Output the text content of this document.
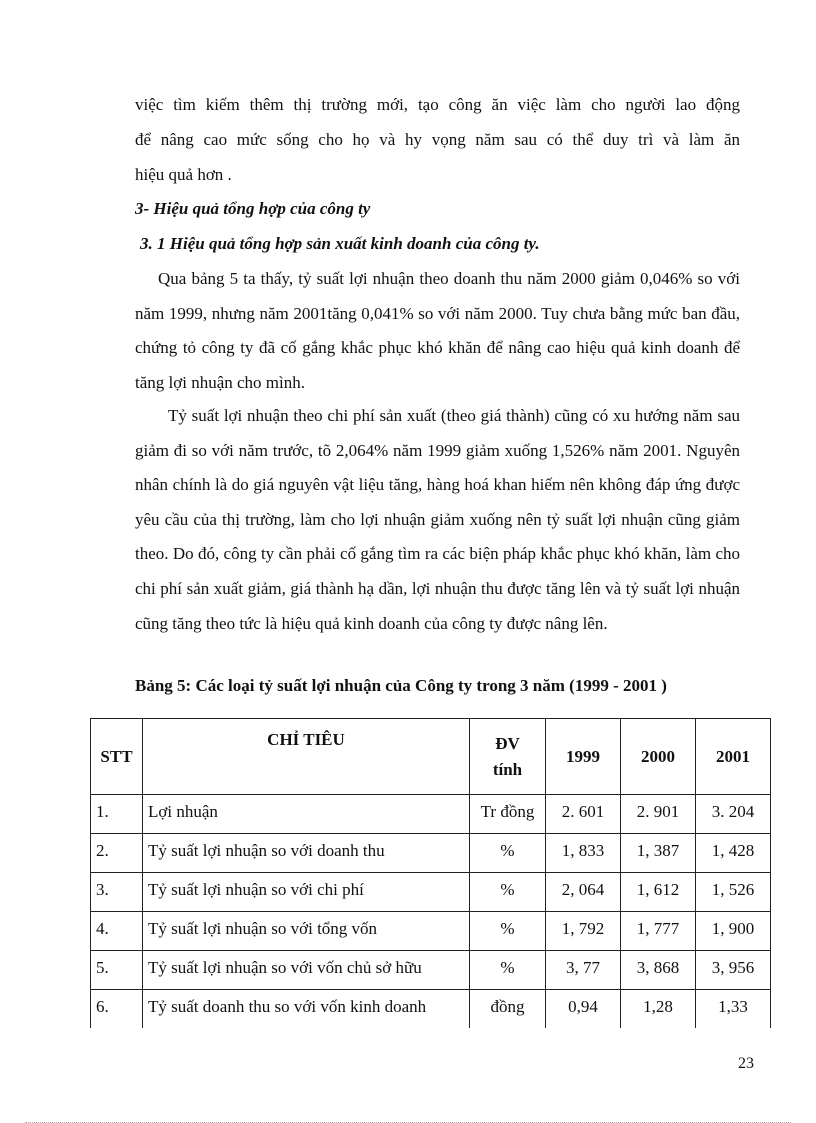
việc tìm kiếm thêm thị trường mới, tạo công ăn việc làm cho người lao động

để nâng cao mức sống cho họ và hy vọng năm sau có thể duy trì và làm ăn

hiệu quả hơn .

3- Hiệu quả tổng hợp của công ty

3. 1 Hiệu quả tổng hợp sản xuất kinh doanh của công ty.

Qua bảng 5 ta thấy, tỷ suất lợi nhuận theo doanh thu năm 2000 giảm 0,046% so với năm 1999, nhưng năm 2001tăng 0,041% so với năm 2000. Tuy chưa bằng mức ban đầu, chứng tỏ công ty đã cố gắng khắc phục khó khăn để nâng cao hiệu quả kinh doanh để tăng lợi nhuận cho mình.

Tỷ suất lợi nhuận theo chi phí sản xuất (theo giá thành) cũng có xu hướng năm sau giảm đi so với năm trước, tõ 2,064% năm 1999 giảm xuống 1,526% năm 2001. Nguyên nhân chính là do giá nguyên vật liệu tăng, hàng hoá khan hiếm nên không đáp ứng được yêu cầu của thị trường, làm cho lợi nhuận giảm xuống nên tỷ suất lợi nhuận cũng giảm theo. Do đó, công ty cần phải cố gắng tìm ra các biện pháp khắc phục khó khăn, làm cho chi phí sản xuất giảm, giá thành hạ dần, lợi nhuận thu được tăng lên và tỷ suất lợi nhuận cũng tăng theo tức là hiệu quả kinh doanh của công ty được nâng lên.

Bảng 5: Các loại tỷ suất lợi nhuận của Công ty trong 3 năm (1999 - 2001 )

STT	CHỈ TIÊU	ĐV tính	1999	2000	2001
1.	Lợi nhuận	Tr đồng	2. 601	2. 901	3. 204
2.	Tỷ suất lợi nhuận so với doanh thu	%	1, 833	1, 387	1, 428
3.	Tỷ suất lợi nhuận so với chi phí	%	2, 064	1, 612	1, 526
4.	Tỷ suất lợi nhuận so với tổng vốn	%	1, 792	1, 777	1, 900
5.	Tỷ suất lợi nhuận so với vốn chủ sở hữu	%	3, 77	3, 868	3, 956
6.	Tỷ suất doanh thu so với vốn kinh doanh	đồng	0,94	1,28	1,33
23
